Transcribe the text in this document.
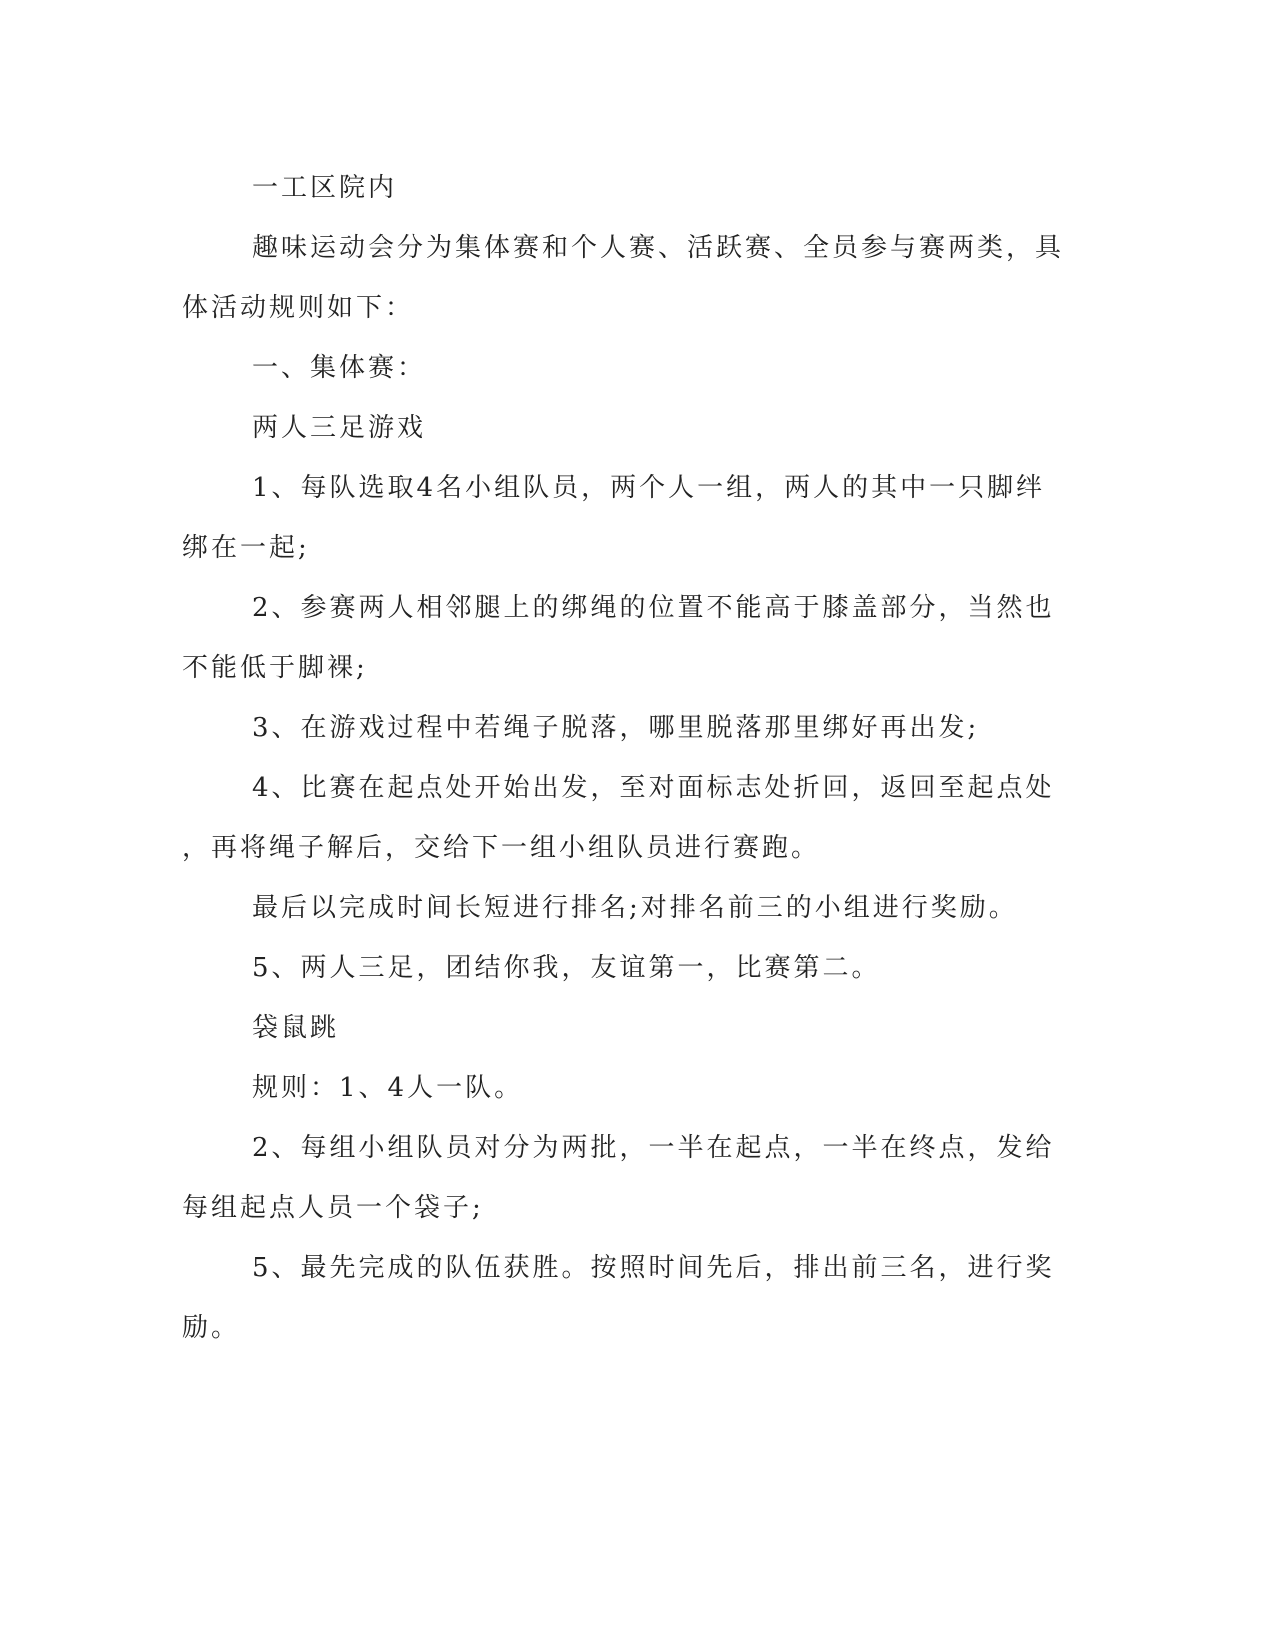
一工区院内
趣味运动会分为集体赛和个人赛、活跃赛、全员参与赛两类，具
体活动规则如下：
一、集体赛：
两人三足游戏
1、每队选取4名小组队员，两个人一组，两人的其中一只脚绊
绑在一起;
2、参赛两人相邻腿上的绑绳的位置不能高于膝盖部分，当然也
不能低于脚裸;
3、在游戏过程中若绳子脱落，哪里脱落那里绑好再出发;
4、比赛在起点处开始出发，至对面标志处折回，返回至起点处
，再将绳子解后，交给下一组小组队员进行赛跑。
最后以完成时间长短进行排名;对排名前三的小组进行奖励。
5、两人三足，团结你我，友谊第一，比赛第二。
袋鼠跳
规则：1、4人一队。
2、每组小组队员对分为两批，一半在起点，一半在终点，发给
每组起点人员一个袋子;
5、最先完成的队伍获胜。按照时间先后，排出前三名，进行奖
励。
